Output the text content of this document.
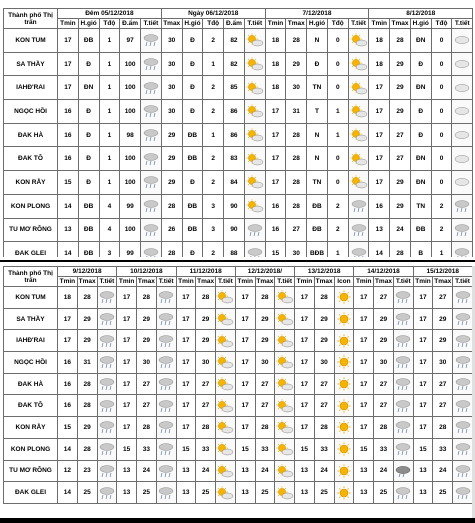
Thành phố Thị trấn	Đêm 05/12/2018					Ngày 06/12/2018					7/12/2018					8/12/2018				
	Tmin	H.gió	Tđộ	Đ.ẩm	T.tiết	Tmax	H.gió	Tđộ	Đ.ẩm	T.tiết	Tmin	Tmax	H.gió	Tđộ	T.tiết	Tmin	Tmax	H.gió	Tđộ	T.tiết
KON TUM	17	ĐB	1	97		30	Đ	2	82		18	28	N	0		18	28	ĐN	0	

SA THẦY	17	Đ	1	100		30	Đ	1	82		18	29	Đ	0		18	29	Đ	0	

IAHĐ'RAI	17	ĐN	1	100		30	Đ	2	85		18	30	TN	0		17	29	ĐN	0	

NGỌC HỒI	16	Đ	1	100		30	Đ	2	86		17	31	T	1		17	29	Đ	0	

ĐAK HÀ	16	Đ	1	98		29	ĐB	1	86		17	28	N	1		17	27	Đ	0	

ĐAK TÔ	16	Đ	1	100		29	ĐB	2	83		17	28	N	0		17	27	ĐN	0	

KON RẪY	15	Đ	1	100		29	Đ	2	84		17	28	TN	0		17	29	ĐN	0	

KON PLONG	14	ĐB	4	99		28	ĐB	3	90		16	28	ĐB	2		16	29	TN	2	

TU MƠ RÔNG	13	ĐB	4	100		26	ĐB	3	90		16	27	ĐB	2		13	24	ĐB	2	

ĐAK GLEI	14	ĐB	3	99		28	Đ	2	88		15	30	BĐB	1		14	28	B	1	
Thành phố Thị trấn	9/12/2018			10/12/2018			11/12/2018			12/12/2018/			13/12/2018			14/12/2018			15/12/2018		
	Tmin	Tmax	T.tiết	Tmin	Tmax	T.tiết	Tmin	Tmax	T.tiết	Tmin	Tmax	T.tiết	Tmin	Tmax	Icon	Tmin	Tmax	T.tiết	Tmin	Tmax	T.tiết
KON TUM	18	28		17	28		17	28		17	28		17	28		17	27		17	27	

SA THẦY	17	29		17	29		17	29		17	29		17	29		17	29		17	29	

IAHĐ'RAI	17	29		17	29		17	29		17	29		17	29		17	29		17	29	

NGỌC HỒI	16	31		17	30		17	30		17	30		17	30		17	30		17	30	

ĐAK HÀ	16	28		17	27		17	27		17	27		17	27		17	27		17	27	

ĐAK TÔ	16	28		17	27		17	27		17	27		17	27		17	27		17	27	

KON RẪY	15	29		17	28		17	28		17	28		17	28		17	28		17	28	

KON PLONG	14	28		15	33		15	33		15	33		15	33		15	33		15	33	

TU MƠ RÔNG	12	23		13	24		13	24		13	24		13	24		13	24		13	24	

ĐAK GLEI	14	25		13	25		13	25		13	25		13	25		13	25		13	25	
